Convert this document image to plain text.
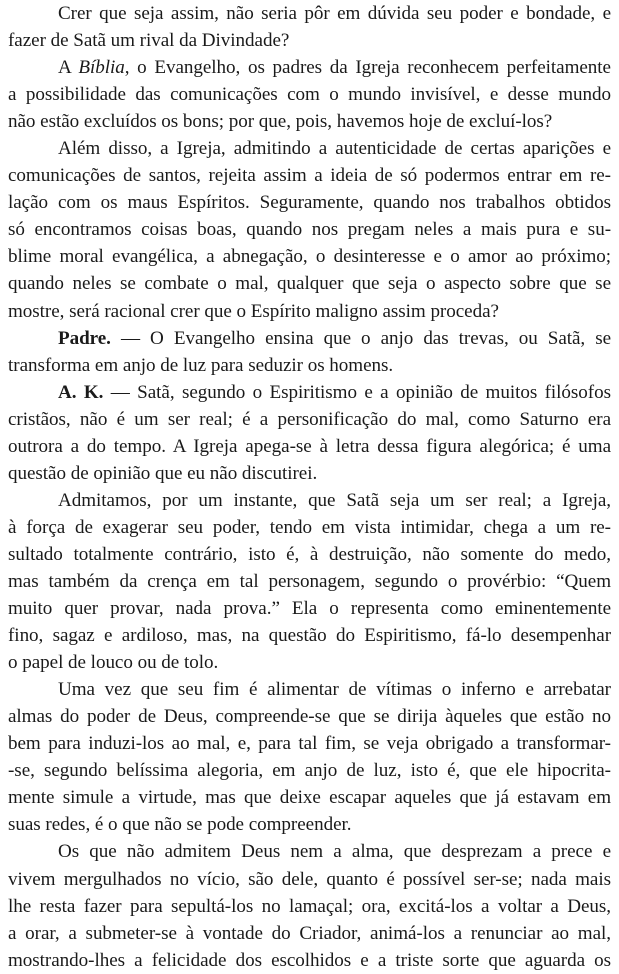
Crer que seja assim, não seria pôr em dúvida seu poder e bondade, e
fazer de Satã um rival da Divindade?
A Bíblia, o Evangelho, os padres da Igreja reconhecem perfeitamente
a possibilidade das comunicações com o mundo invisível, e desse mundo
não estão excluídos os bons; por que, pois, havemos hoje de excluí-los?
Além disso, a Igreja, admitindo a autenticidade de certas aparições e
comunicações de santos, rejeita assim a ideia de só podermos entrar em re-
lação com os maus Espíritos. Seguramente, quando nos trabalhos obtidos
só encontramos coisas boas, quando nos pregam neles a mais pura e su-
blime moral evangélica, a abnegação, o desinteresse e o amor ao próximo;
quando neles se combate o mal, qualquer que seja o aspecto sobre que se
mostre, será racional crer que o Espírito maligno assim proceda?
Padre. — O Evangelho ensina que o anjo das trevas, ou Satã, se
transforma em anjo de luz para seduzir os homens.
A. K. — Satã, segundo o Espiritismo e a opinião de muitos filósofos
cristãos, não é um ser real; é a personificação do mal, como Saturno era
outrora a do tempo. A Igreja apega-se à letra dessa figura alegórica; é uma
questão de opinião que eu não discutirei.
Admitamos, por um instante, que Satã seja um ser real; a Igreja,
à força de exagerar seu poder, tendo em vista intimidar, chega a um re-
sultado totalmente contrário, isto é, à destruição, não somente do medo,
mas também da crença em tal personagem, segundo o provérbio: “Quem
muito quer provar, nada prova.” Ela o representa como eminentemente
fino, sagaz e ardiloso, mas, na questão do Espiritismo, fá-lo desempenhar
o papel de louco ou de tolo.
Uma vez que seu fim é alimentar de vítimas o inferno e arrebatar
almas do poder de Deus, compreende-se que se dirija àqueles que estão no
bem para induzi-los ao mal, e, para tal fim, se veja obrigado a transformar-
-se, segundo belíssima alegoria, em anjo de luz, isto é, que ele hipocrita-
mente simule a virtude, mas que deixe escapar aqueles que já estavam em
suas redes, é o que não se pode compreender.
Os que não admitem Deus nem a alma, que desprezam a prece e
vivem mergulhados no vício, são dele, quanto é possível ser-se; nada mais
lhe resta fazer para sepultá-los no lamaçal; ora, excitá-los a voltar a Deus,
a orar, a submeter-se à vontade do Criador, animá-los a renunciar ao mal,
mostrando-lhes a felicidade dos escolhidos e a triste sorte que aguarda os
